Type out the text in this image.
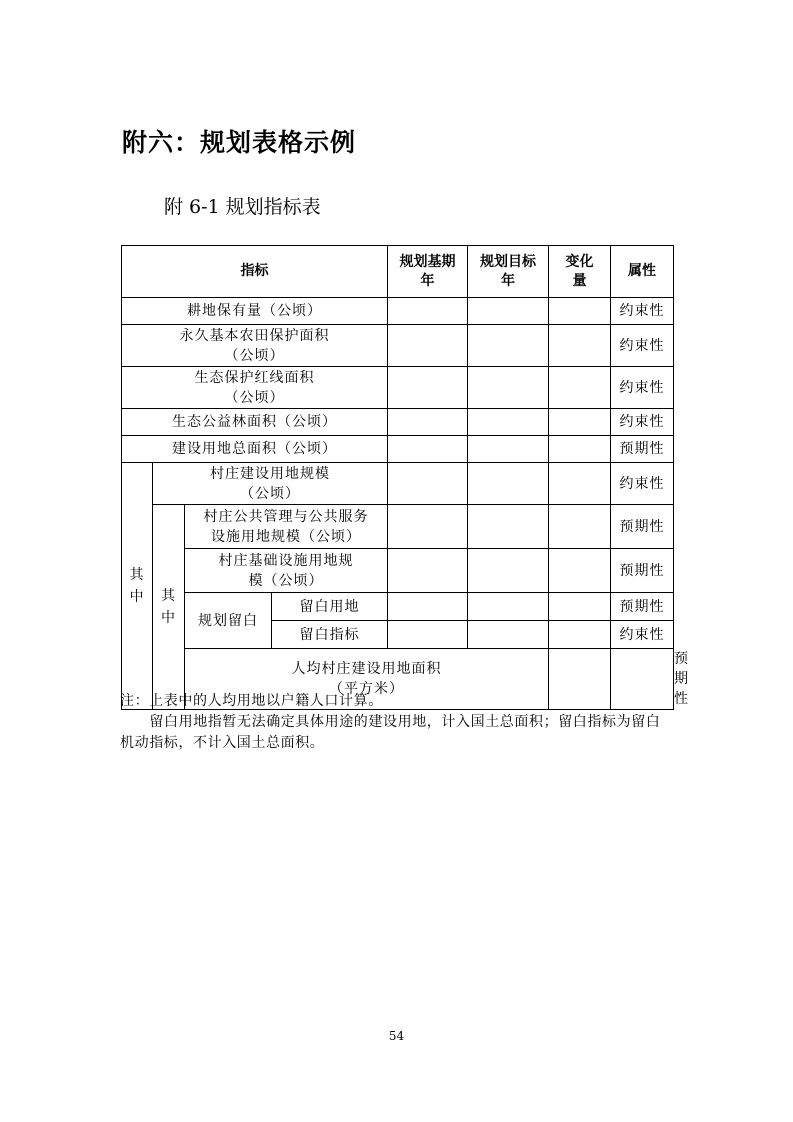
附六：规划表格示例

附 6-1 规划指标表

指标				规划基期年	规划目标年	变化量	属性	
耕地保有量（公顷）							约束性	
永久基本农田保护面积（公顷）							约束性	
生态保护红线面积（公顷）							约束性	
生态公益林面积（公顷）							约束性	
建设用地总面积（公顷）							预期性	
其中	村庄建设用地规模（公顷）						约束性	
	其中	村庄公共管理与公共服务设施用地规模（公顷）					预期性	
		村庄基础设施用地规模（公顷）					预期性	
		规划留白	留白用地				预期性	
			留白指标				约束性	
		人均村庄建设用地面积（平方米）						预期性

注：上表中的人均用地以户籍人口计算。

留白用地指暂无法确定具体用途的建设用地，计入国土总面积；留白指标为留白机动指标，不计入国土总面积。

54
